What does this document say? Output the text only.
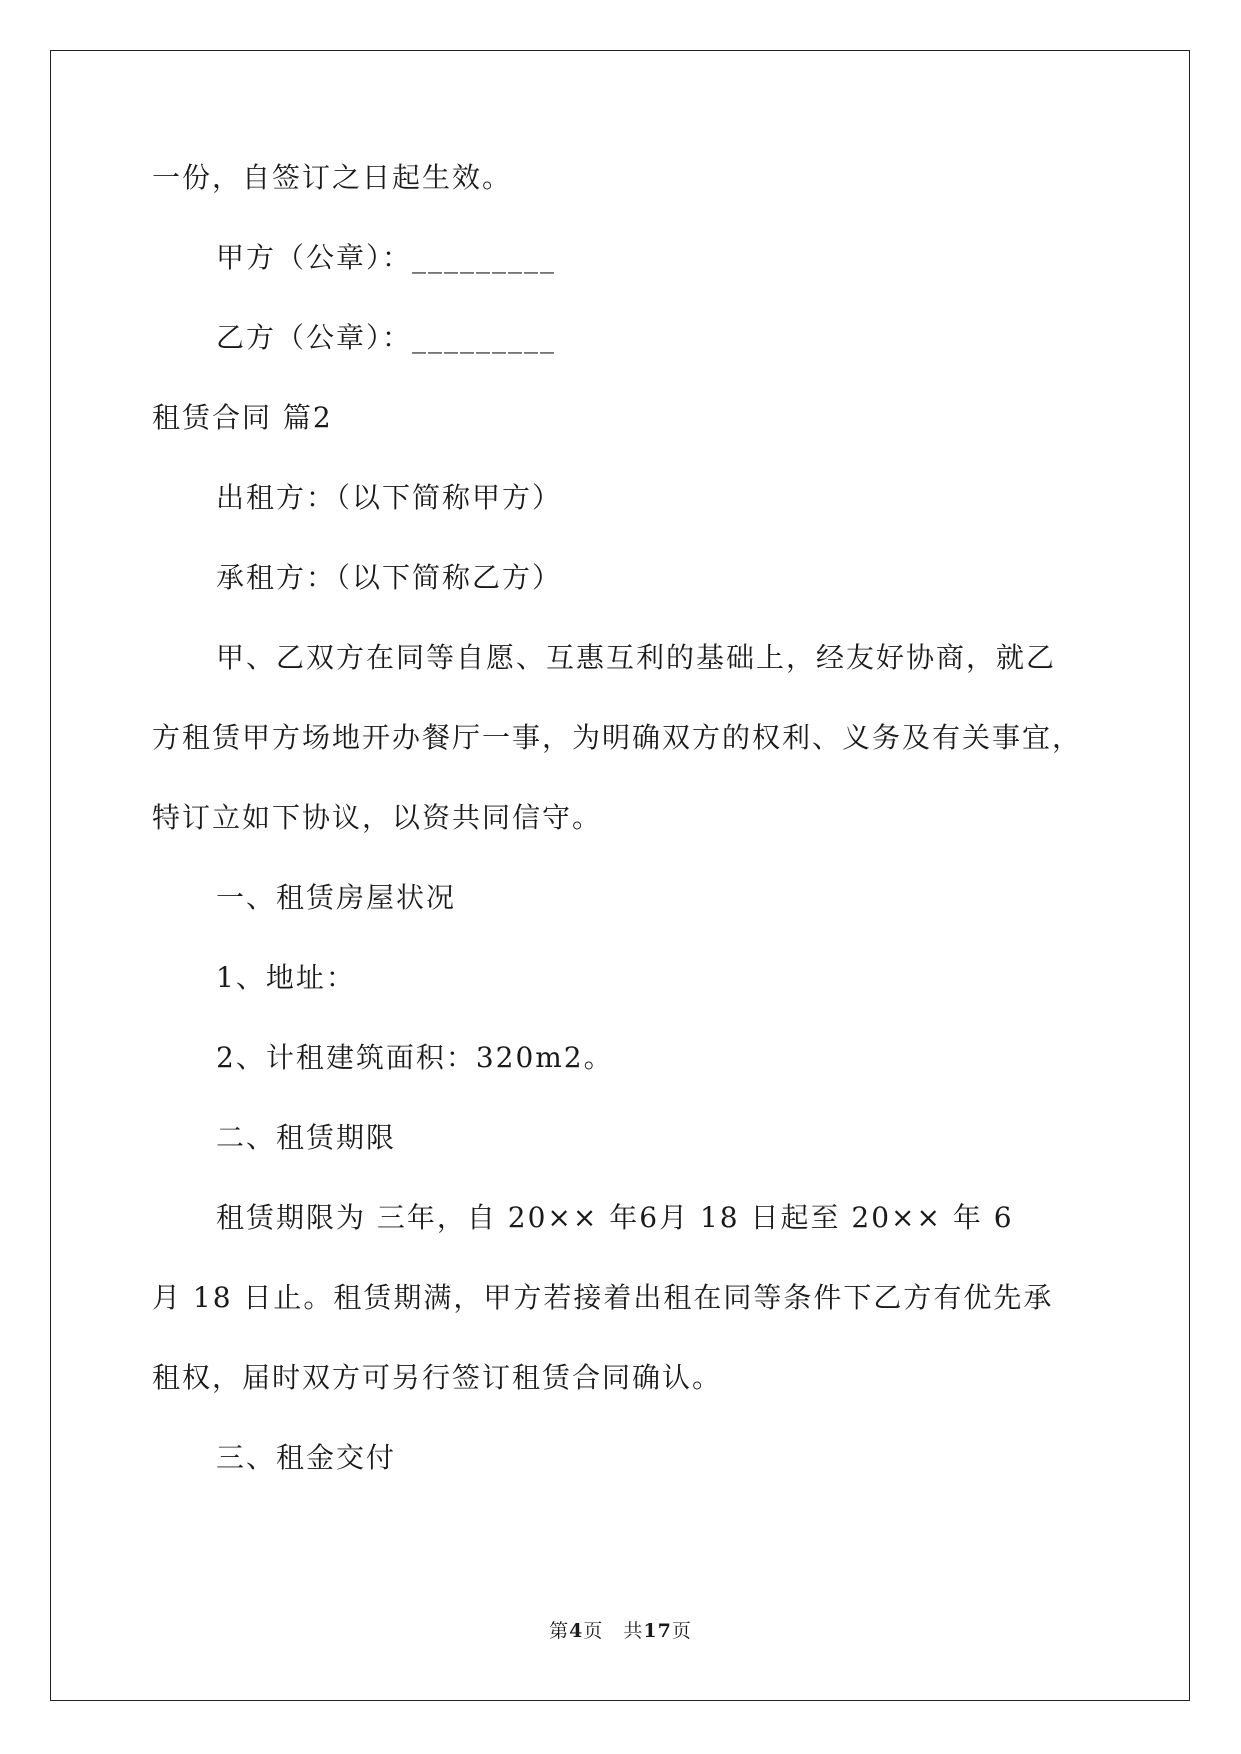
一份，自签订之日起生效。
甲方（公章）：_________
乙方（公章）：_________
租赁合同 篇2
出租方：（以下简称甲方）
承租方：（以下简称乙方）
甲、乙双方在同等自愿、互惠互利的基础上，经友好协商，就乙
方租赁甲方场地开办餐厅一事，为明确双方的权利、义务及有关事宜，
特订立如下协议，以资共同信守。
一、租赁房屋状况
1、地址：
2、计租建筑面积：320m2。
二、租赁期限
租赁期限为 三年，自 20×× 年6月 18 日起至 20×× 年 6
月 18 日止。租赁期满，甲方若接着出租在同等条件下乙方有优先承
租权，届时双方可另行签订租赁合同确认。
三、租金交付
第4页 共17页
